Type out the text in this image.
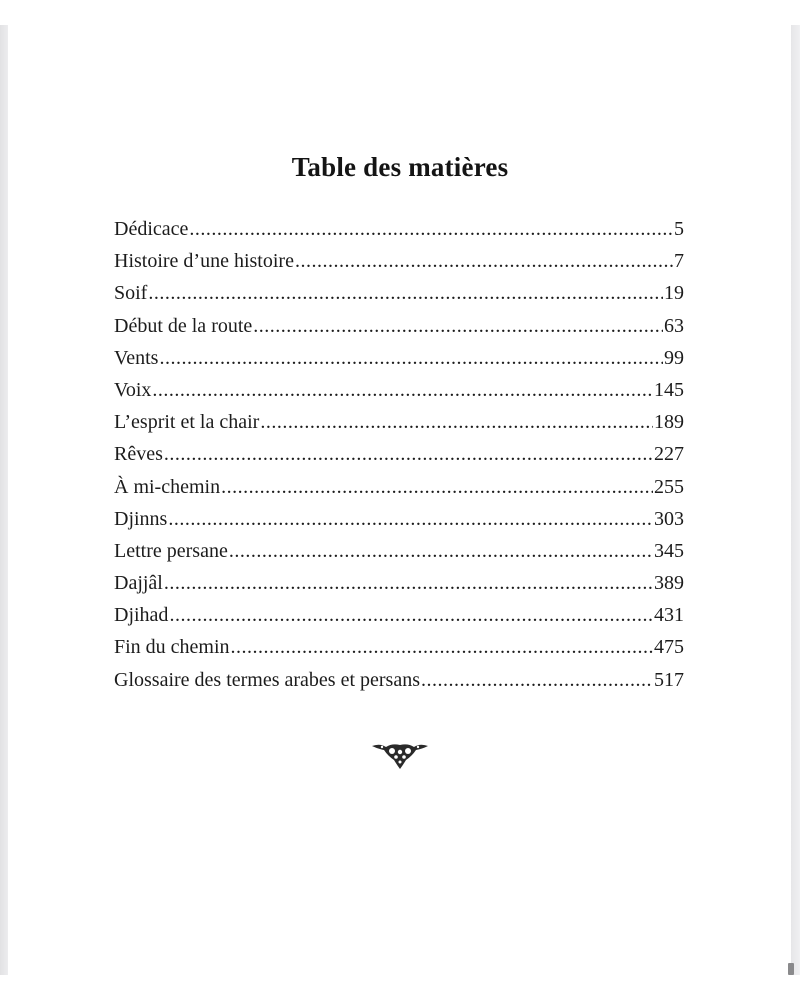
Table des matières
Dédicace .....	5
Histoire d’une histoire .....	7
Soif .....	19
Début de la route .....	63
Vents .....	99
Voix .....	145
L’esprit et la chair .....	189
Rêves .....	227
À mi-chemin .....	255
Djinns .....	303
Lettre persane .....	345
Dajjâl .....	389
Djihad .....	431
Fin du chemin .....	475
Glossaire des termes arabes et persans .....	517
